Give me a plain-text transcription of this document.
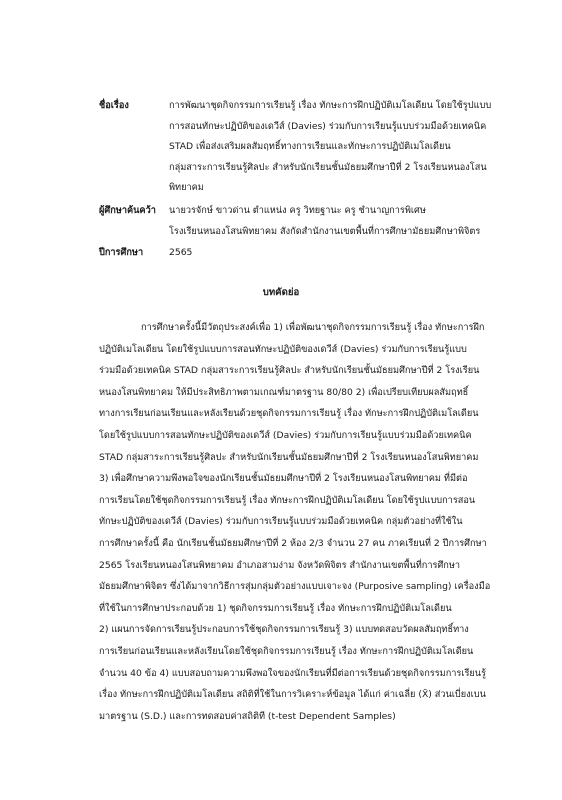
ชื่อเรื่อง	การพัฒนาชุดกิจกรรมการเรียนรู้ เรื่อง ทักษะการฝึกปฏิบัติเมโลเดียน โดยใช้รูปแบบ
การสอนทักษะปฏิบัติของเดวีส์ (Davies) ร่วมกับการเรียนรู้แบบร่วมมือด้วยเทคนิค
STAD เพื่อส่งเสริมผลสัมฤทธิ์ทางการเรียนและทักษะการปฏิบัติเมโลเดียน
กลุ่มสาระการเรียนรู้ศิลปะ สำหรับนักเรียนชั้นมัธยมศึกษาปีที่ 2 โรงเรียนหนองโสน
พิทยาคม
ผู้ศึกษาค้นคว้า	นายวรจักษ์ ขาวด่าน ตำแหน่ง ครู วิทยฐานะ ครู ชำนาญการพิเศษ
โรงเรียนหนองโสนพิทยาคม สังกัดสำนักงานเขตพื้นที่การศึกษามัธยมศึกษาพิจิตร
ปีการศึกษา	2565
บทคัดย่อ
การศึกษาครั้งนี้มีวัตถุประสงค์เพื่อ 1) เพื่อพัฒนาชุดกิจกรรมการเรียนรู้ เรื่อง ทักษะการฝึก
ปฏิบัติเมโลเดียน โดยใช้รูปแบบการสอนทักษะปฏิบัติของเดวีส์ (Davies) ร่วมกับการเรียนรู้แบบ
ร่วมมือด้วยเทคนิค STAD กลุ่มสาระการเรียนรู้ศิลปะ สำหรับนักเรียนชั้นมัธยมศึกษาปีที่ 2 โรงเรียน
หนองโสนพิทยาคม ให้มีประสิทธิภาพตามเกณฑ์มาตรฐาน 80/80 2) เพื่อเปรียบเทียบผลสัมฤทธิ์
ทางการเรียนก่อนเรียนและหลังเรียนด้วยชุดกิจกรรมการเรียนรู้ เรื่อง ทักษะการฝึกปฏิบัติเมโลเดียน
โดยใช้รูปแบบการสอนทักษะปฏิบัติของเดวีส์ (Davies) ร่วมกับการเรียนรู้แบบร่วมมือด้วยเทคนิค
STAD กลุ่มสาระการเรียนรู้ศิลปะ สำหรับนักเรียนชั้นมัธยมศึกษาปีที่ 2 โรงเรียนหนองโสนพิทยาคม
3) เพื่อศึกษาความพึงพอใจของนักเรียนชั้นมัธยมศึกษาปีที่ 2 โรงเรียนหนองโสนพิทยาคม ที่มีต่อ
การเรียนโดยใช้ชุดกิจกรรมการเรียนรู้ เรื่อง ทักษะการฝึกปฏิบัติเมโลเดียน โดยใช้รูปแบบการสอน
ทักษะปฏิบัติของเดวีส์ (Davies) ร่วมกับการเรียนรู้แบบร่วมมือด้วยเทคนิค กลุ่มตัวอย่างที่ใช้ใน
การศึกษาครั้งนี้ คือ นักเรียนชั้นมัธยมศึกษาปีที่ 2 ห้อง 2/3 จำนวน 27 คน ภาคเรียนที่ 2 ปีการศึกษา
2565 โรงเรียนหนองโสนพิทยาคม อำเภอสามง่าม จังหวัดพิจิตร สำนักงานเขตพื้นที่การศึกษา
มัธยมศึกษาพิจิตร ซึ่งได้มาจากวิธีการสุ่มกลุ่มตัวอย่างแบบเจาะจง (Purposive sampling) เครื่องมือ
ที่ใช้ในการศึกษาประกอบด้วย 1) ชุดกิจกรรมการเรียนรู้ เรื่อง ทักษะการฝึกปฏิบัติเมโลเดียน
2) แผนการจัดการเรียนรู้ประกอบการใช้ชุดกิจกรรมการเรียนรู้ 3) แบบทดสอบวัดผลสัมฤทธิ์ทาง
การเรียนก่อนเรียนและหลังเรียนโดยใช้ชุดกิจกรรมการเรียนรู้ เรื่อง ทักษะการฝึกปฏิบัติเมโลเดียน
จำนวน 40 ข้อ 4) แบบสอบถามความพึงพอใจของนักเรียนที่มีต่อการเรียนด้วยชุดกิจกรรมการเรียนรู้
เรื่อง ทักษะการฝึกปฏิบัติเมโลเดียน สถิติที่ใช้ในการวิเคราะห์ข้อมูล ได้แก่ ค่าเฉลี่ย (X̄) ส่วนเบี่ยงเบน
มาตรฐาน (S.D.) และการทดสอบค่าสถิติที (t-test Dependent Samples)
